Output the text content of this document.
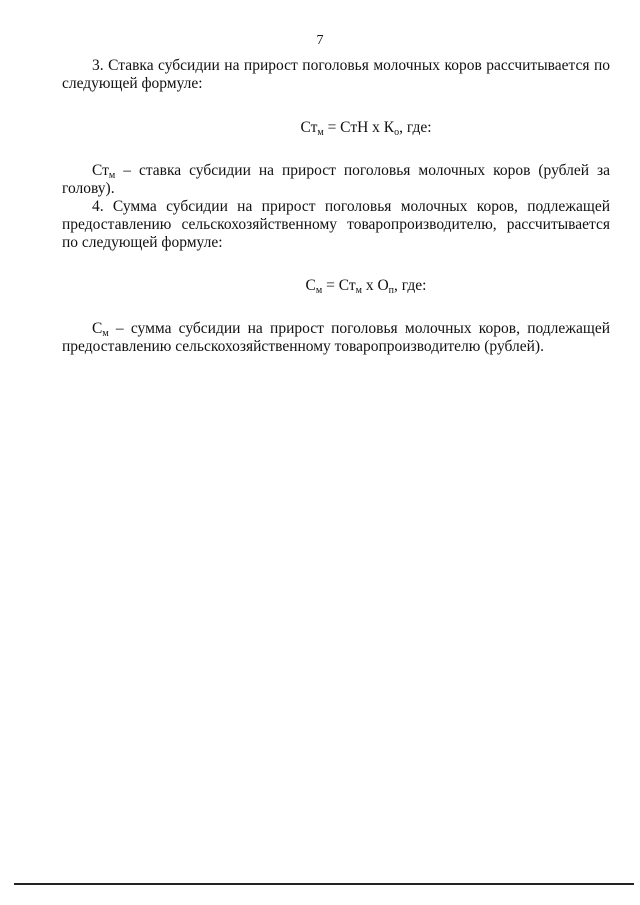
7

3. Ставка субсидии на прирост поголовья молочных коров рассчитывается по следующей формуле:

$Ст_м$ = СтН х $К_о$, где:

$Ст_м$ – ставка субсидии на прирост поголовья молочных коров (рублей за голову).

4. Сумма субсидии на прирост поголовья молочных коров, подлежащей предоставлению сельскохозяйственному товаропроизводителю, рассчитывается по следующей формуле:

$С_м = Ст_м$ х $О_п$, где:

$С_м$ – сумма субсидии на прирост поголовья молочных коров, подлежащей предоставлению сельскохозяйственному товаропроизводителю (рублей).
